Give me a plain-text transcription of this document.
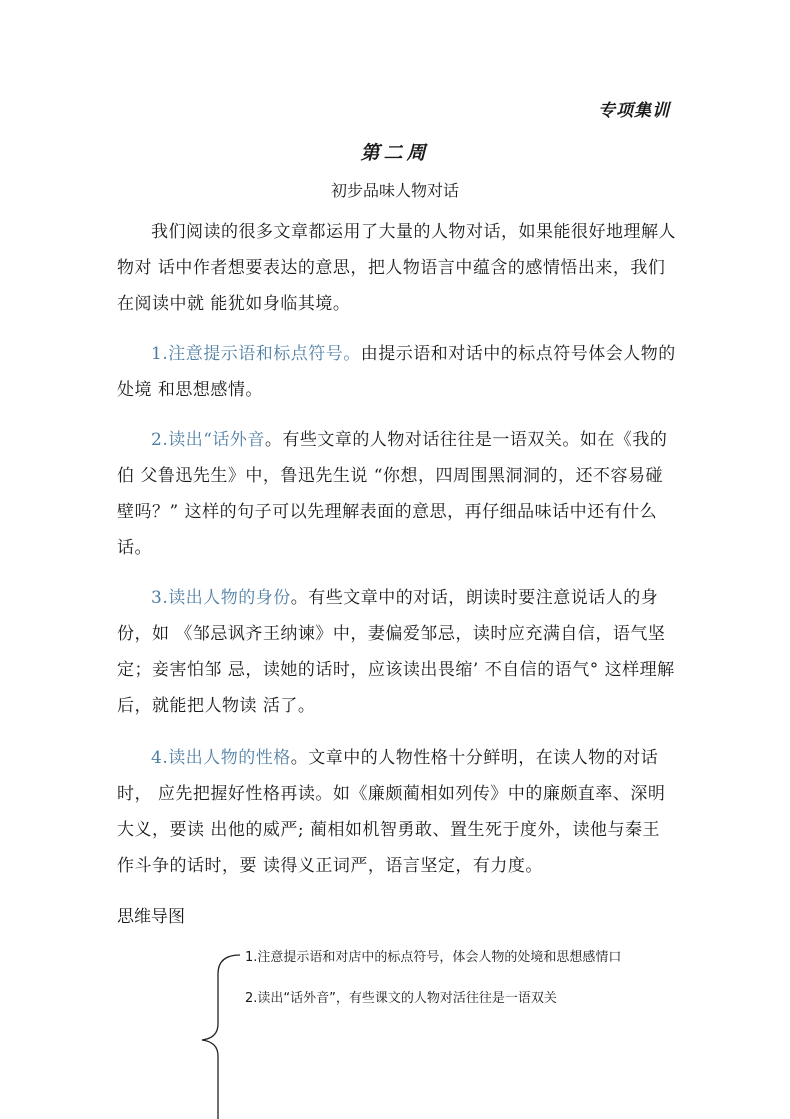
专项集训
第二周
初步品味人物对话

我们阅读的很多文章都运用了大量的人物对话，如果能很好地理解人物对 话中作者想要表达的意思，把人物语言中蕴含的感情悟出来，我们在阅读中就 能犹如身临其境。

1.注意提示语和标点符号。由提示语和对话中的标点符号体会人物的处境 和思想感情。

2.读出“话外音。有些文章的人物对话往往是一语双关。如在《我的伯 父鲁迅先生》中，鲁迅先生说 “你想，四周围黑洞洞的，还不容易碰壁吗？” 这样的句子可以先理解表面的意思，再仔细品味话中还有什么话。

3.读出人物的身份。有些文章中的对话，朗读时要注意说话人的身份，如 《邹忌讽齐王纳谏》中，妻偏爱邹忌，读时应充满自信，语气坚定；妾害怕邹 忌，读她的话时，应该读出畏缩’ 不自信的语气° 这样理解后，就能把人物读 活了。

4.读出人物的性格。文章中的人物性格十分鲜明，在读人物的对话时， 应先把握好性格再读。如《廉颇蔺相如列传》中的廉颇直率、深明大义，要读 出他的威严; 蔺相如机智勇敢、置生死于度外，读他与秦王作斗争的话时，要 读得义正词严，语言坚定，有力度。

思维导图
1.注意提示语和对店中的标点符号，体会人物的处境和思想感情口
2.读出“话外音”，有些课文的人物对活往往是一语双关
